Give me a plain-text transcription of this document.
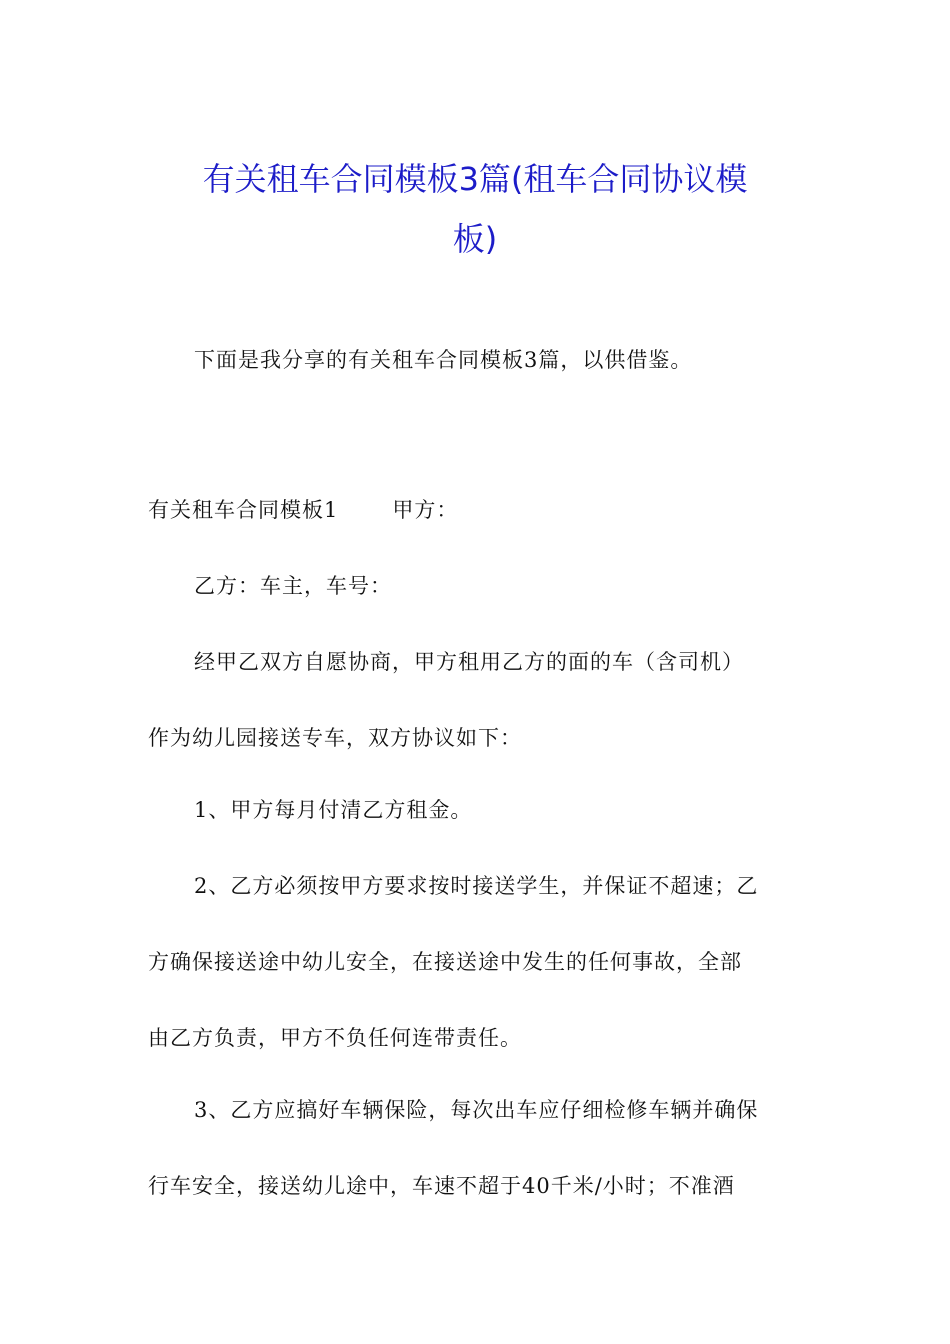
有关租车合同模板3篇(租车合同协议模
板)

下面是我分享的有关租车合同模板3篇，以供借鉴。

有关租车合同模板1	甲方：

乙方：车主，车号：

经甲乙双方自愿协商，甲方租用乙方的面的车（含司机）
作为幼儿园接送专车，双方协议如下：

1、甲方每月付清乙方租金。

2、乙方必须按甲方要求按时接送学生，并保证不超速；乙
方确保接送途中幼儿安全，在接送途中发生的任何事故，全部
由乙方负责，甲方不负任何连带责任。

3、乙方应搞好车辆保险，每次出车应仔细检修车辆并确保
行车安全，接送幼儿途中，车速不超于40千米/小时；不准酒
